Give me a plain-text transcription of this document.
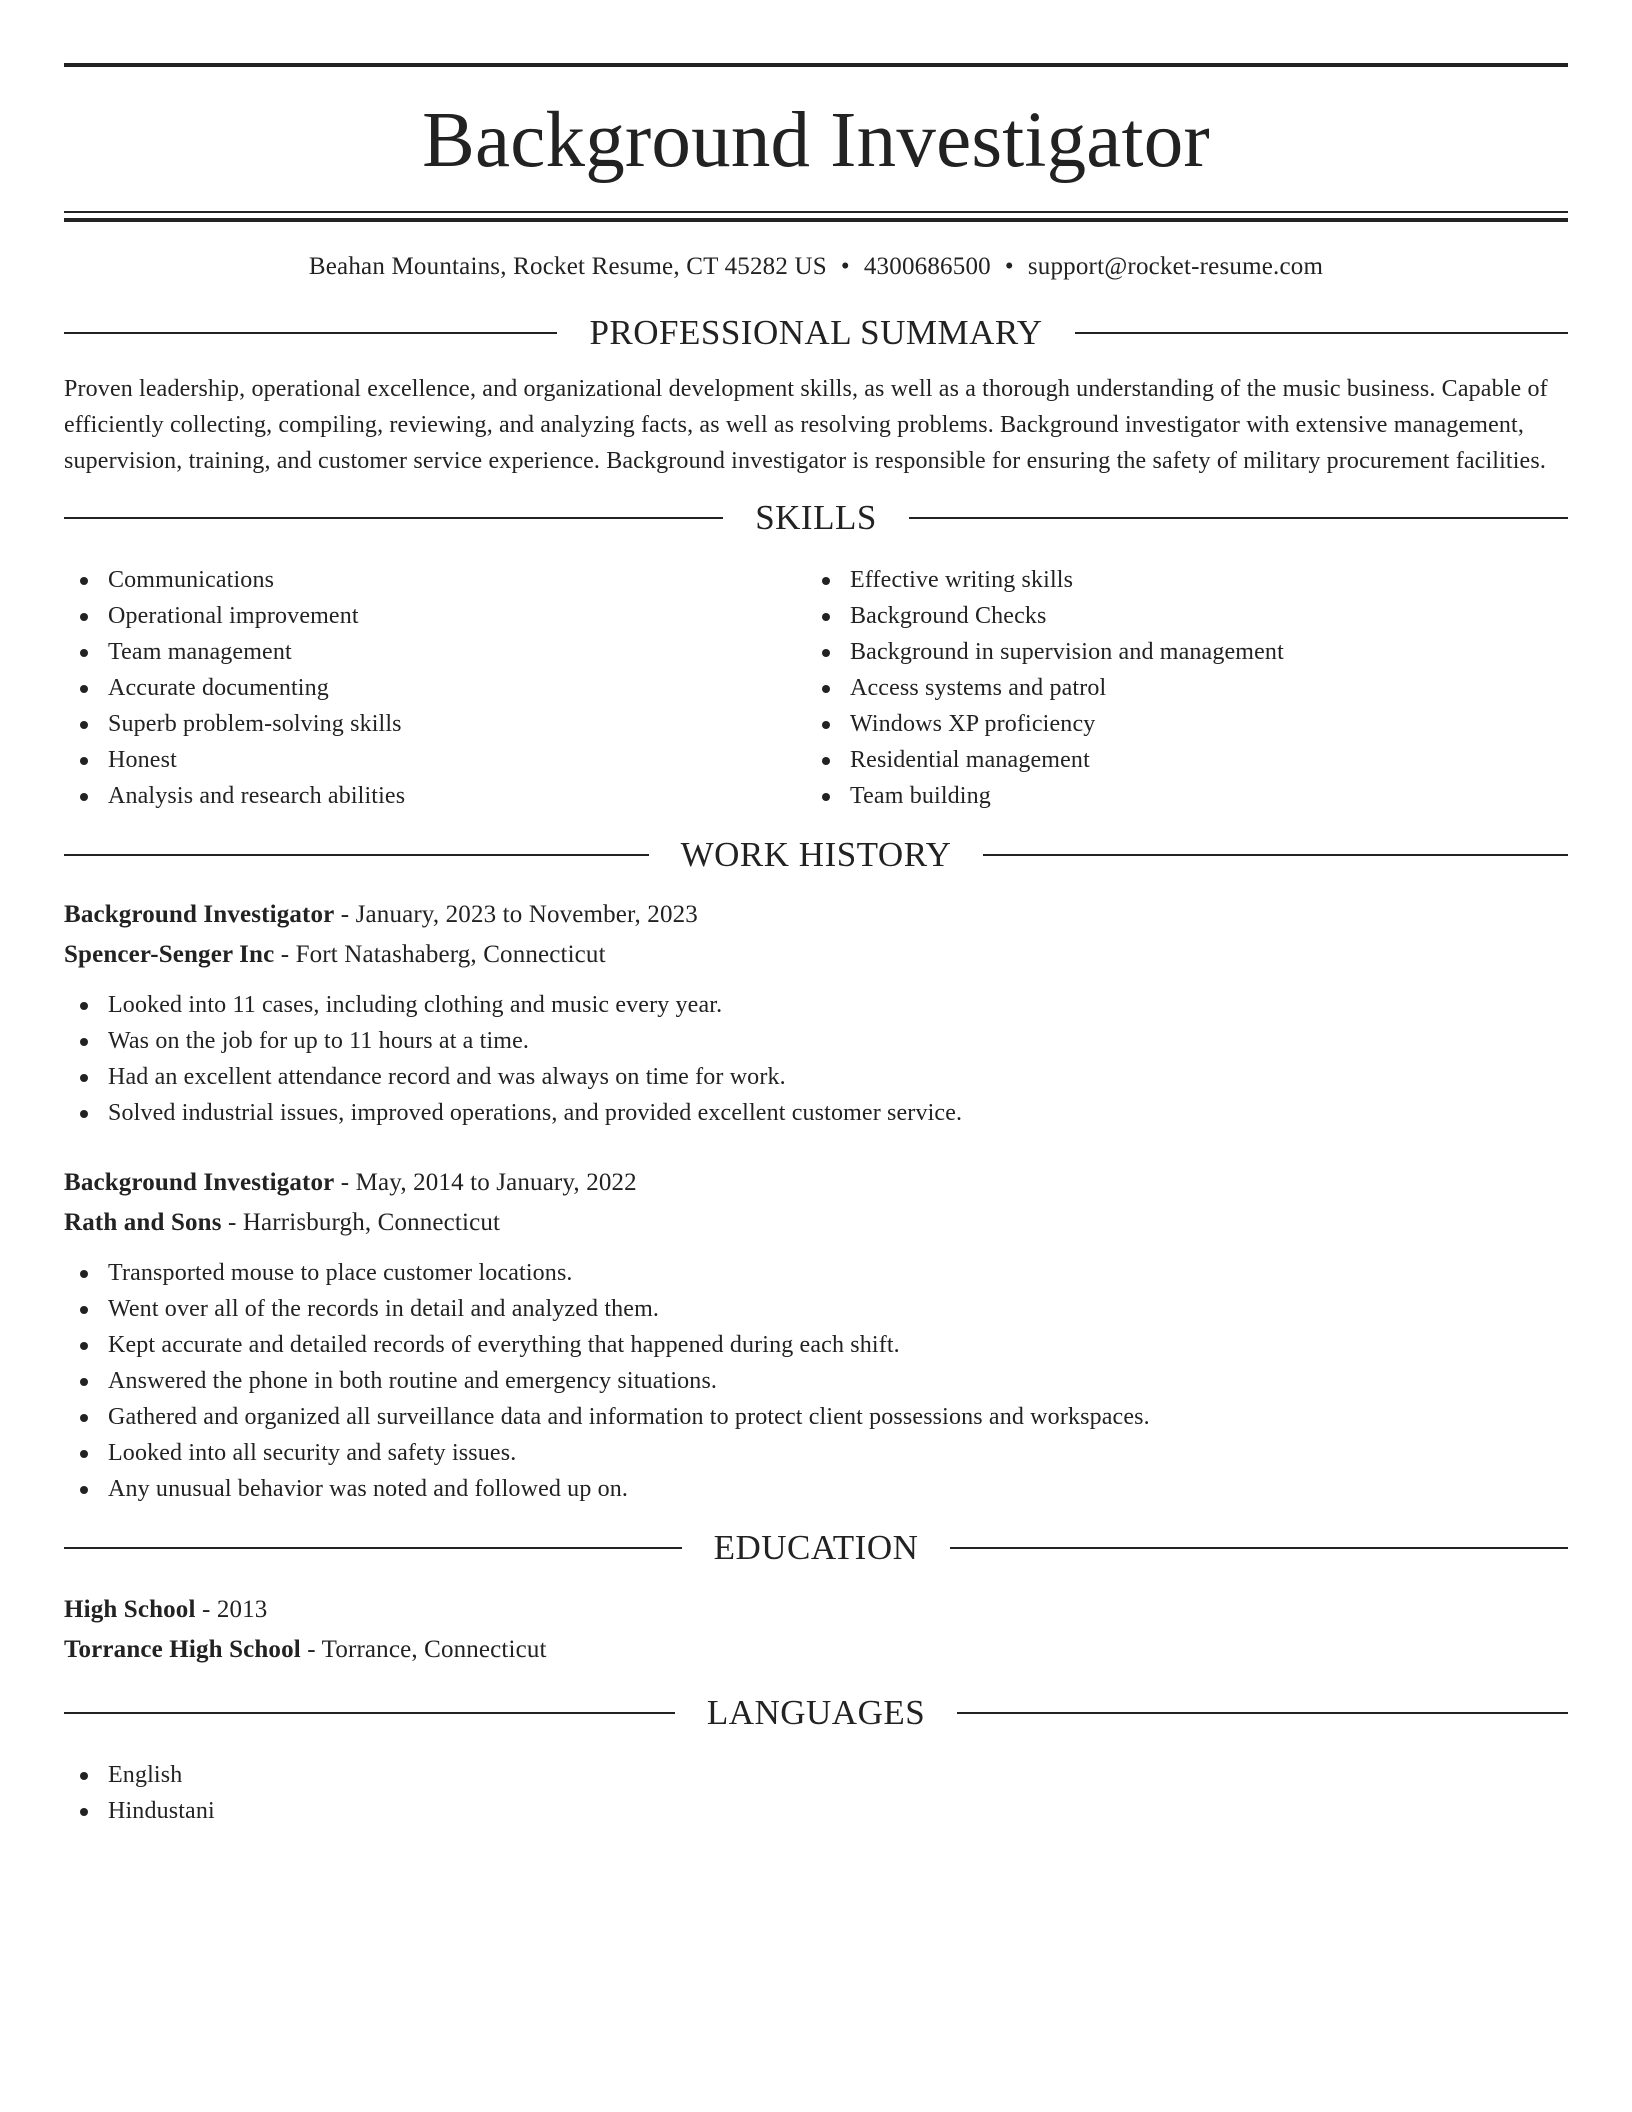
Background Investigator
Beahan Mountains, Rocket Resume, CT 45282 US • 4300686500 • support@rocket-resume.com
PROFESSIONAL SUMMARY

Proven leadership, operational excellence, and organizational development skills, as well as a thorough understanding of the music business. Capable of efficiently collecting, compiling, reviewing, and analyzing facts, as well as resolving problems. Background investigator with extensive management, supervision, training, and customer service experience. Background investigator is responsible for ensuring the safety of military procurement facilities.

SKILLS
Communications
Operational improvement
Team management
Accurate documenting
Superb problem-solving skills
Honest
Analysis and research abilities
Effective writing skills
Background Checks
Background in supervision and management
Access systems and patrol
Windows XP proficiency
Residential management
Team building
WORK HISTORY
Background Investigator - January, 2023 to November, 2023
Spencer-Senger Inc - Fort Natashaberg, Connecticut
Looked into 11 cases, including clothing and music every year.
Was on the job for up to 11 hours at a time.
Had an excellent attendance record and was always on time for work.
Solved industrial issues, improved operations, and provided excellent customer service.
Background Investigator - May, 2014 to January, 2022
Rath and Sons - Harrisburgh, Connecticut
Transported mouse to place customer locations.
Went over all of the records in detail and analyzed them.
Kept accurate and detailed records of everything that happened during each shift.
Answered the phone in both routine and emergency situations.
Gathered and organized all surveillance data and information to protect client possessions and workspaces.
Looked into all security and safety issues.
Any unusual behavior was noted and followed up on.
EDUCATION
High School - 2013
Torrance High School - Torrance, Connecticut
LANGUAGES
English
Hindustani
